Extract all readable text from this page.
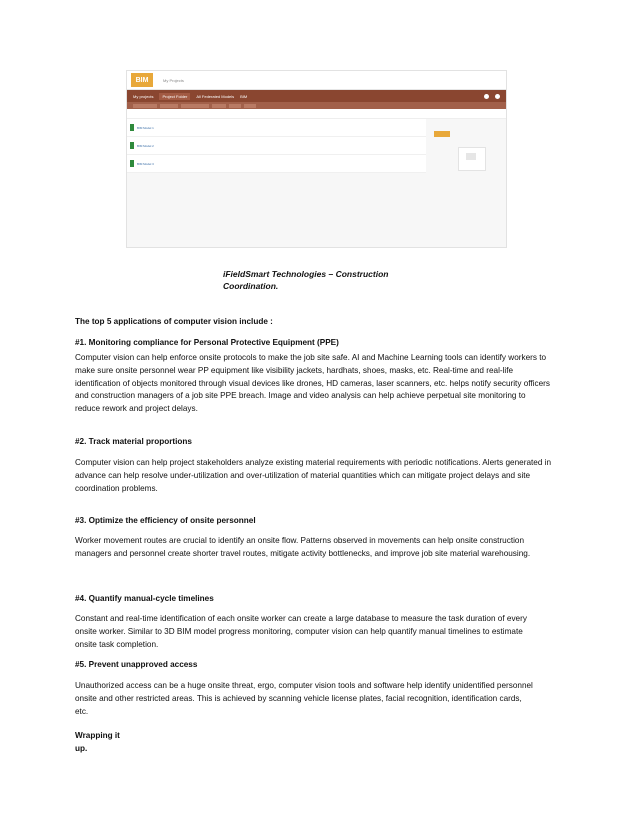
BIM	My Projects
My projects	Project Folder	All Federated Models BIM
BIM Model 1
BIM Model 2
BIM Model 3
iFieldSmart Technologies – Construction
Coordination.
The top 5 applications of computer vision include :
#1. Monitoring compliance for Personal Protective Equipment (PPE)
Computer vision can help enforce onsite protocols to make the job site safe. AI and Machine Learning tools can identify workers to
make sure onsite personnel wear PP equipment like visibility jackets, hardhats, shoes, masks, etc. Real-time and real-life
identification of objects monitored through visual devices like drones, HD cameras, laser scanners, etc. helps notify security officers
and construction managers of a job site PPE breach. Image and video analysis can help achieve perpetual site monitoring to
reduce rework and project delays.
#2. Track material proportions
Computer vision can help project stakeholders analyze existing material requirements with periodic notifications. Alerts generated in
advance can help resolve under-utilization and over-utilization of material quantities which can mitigate project delays and site
coordination problems.
#3. Optimize the efficiency of onsite personnel
Worker movement routes are crucial to identify an onsite flow. Patterns observed in movements can help onsite construction
managers and personnel create shorter travel routes, mitigate activity bottlenecks, and improve job site material warehousing.
#4. Quantify manual-cycle timelines
Constant and real-time identification of each onsite worker can create a large database to measure the task duration of every
onsite worker. Similar to 3D BIM model progress monitoring, computer vision can help quantify manual timelines to estimate
onsite task completion.
#5. Prevent unapproved access
Unauthorized access can be a huge onsite threat, ergo, computer vision tools and software help identify unidentified personnel
onsite and other restricted areas. This is achieved by scanning vehicle license plates, facial recognition, identification cards,
etc.
Wrapping it
up.
